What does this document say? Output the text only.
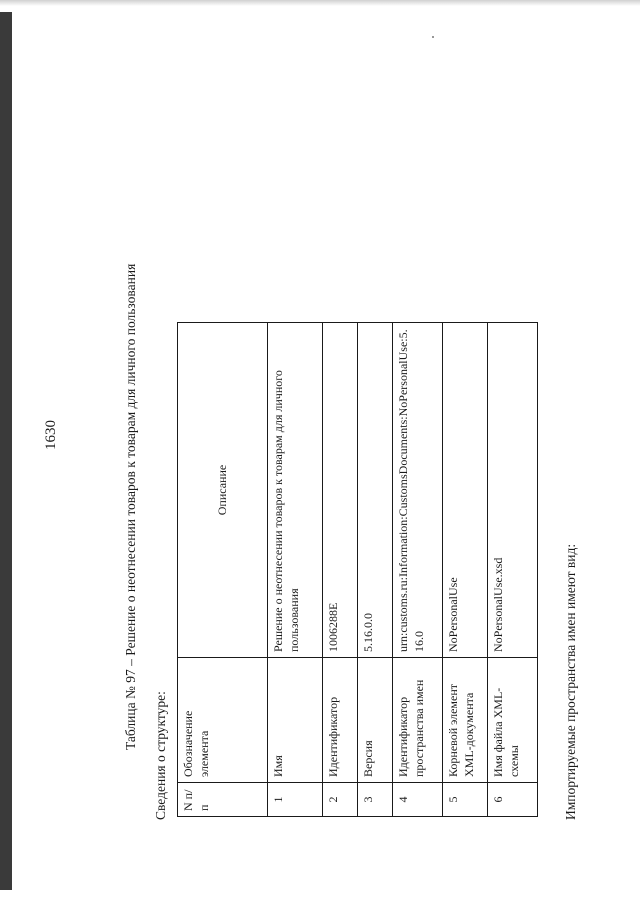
1630	Таблица № 97 – Решение о неотнесении товаров к товарам для личного пользования
Сведения о структуре: N п/п	Обозначение элемента	Описание
1	Имя	Решение о неотнесении товаров к товарам для личного пользования
2	Идентификатор	1006288E
3	Версия	5.16.0.0
4	Идентификатор пространства имен	urn:customs.ru:Information:CustomsDocuments:NoPersonalUse:5.16.0
5	Корневой элемент XML-документа	NoPersonalUse
6	Имя файла XML-схемы	NoPersonalUse.xsd	Импортируемые пространства имен имеют вид:
